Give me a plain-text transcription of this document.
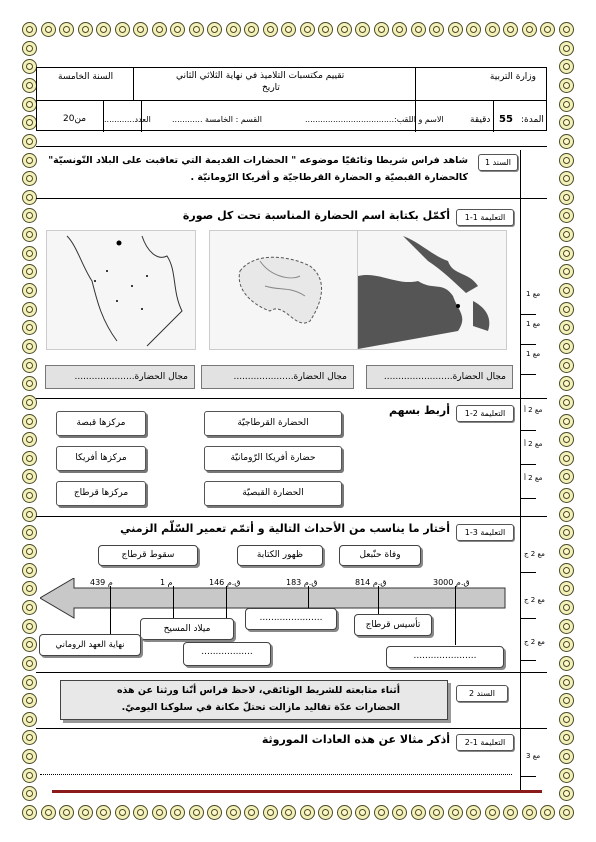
وزارة التربية
تقييم مكتسبات التلاميذ في نهاية الثلاثي الثاني
تاريخ
السنة الخامسة
المدة:
55
دقيقة
الاسم و اللقب:...................................
القسم : الخامسة ............
العدد............
من20
السند 1
شاهد فراس شريطا وثائقيّا موضوعه " الحضارات القديمة التي تعاقبت على البلاد التّونسيّة"
كالحضارة القبصيّة و الحضارة القرطاجيّة و أفريكا الرّومانيّة .
التعليمة 1-1
أكمّل بكتابة اسم الحضارة المناسبة تحت كل صورة
مجال الحضارة.....................	مجال الحضارة.....................	مجال الحضارة........................
مع 1
مع 1
مع 1
التعليمة 2-1
أربط بسهم
الحضارة القرطاجيّة
حضارة أفريكا الرّومانيّة
الحضارة القبصيّة
مركزها قبصة
مركزها أفريكا
مركزها قرطاج
مع 2 أ
مع 2 أ
مع 2 أ
التعليمة 3-1
أختار ما يناسب من الأحداث التالية و أتمّم تعمير السّلّم الزمني
وفاة حنّبعل
ظهور الكتابة
سقوط قرطاج
3000 ق.م
814 ق.م
183 ق.م
146 ق.م
1 م
439 م
تأسيس قرطاج
ميلاد المسيح
نهاية العهد الروماني
......................
..................	......................
مع 2 ج
مع 2 ج
مع 2 ج
السند 2
أثناء متابعته للشريط الوثائقي، لاحظ فراس أنّنا ورثنا عن هذه
الحضارات عدّة تقاليد مازالت تحتلّ مكانة في سلوكنا اليوميّ.
التعليمة 1-2
أذكر مثالا عن هذه العادات الموروثة
مع 3
